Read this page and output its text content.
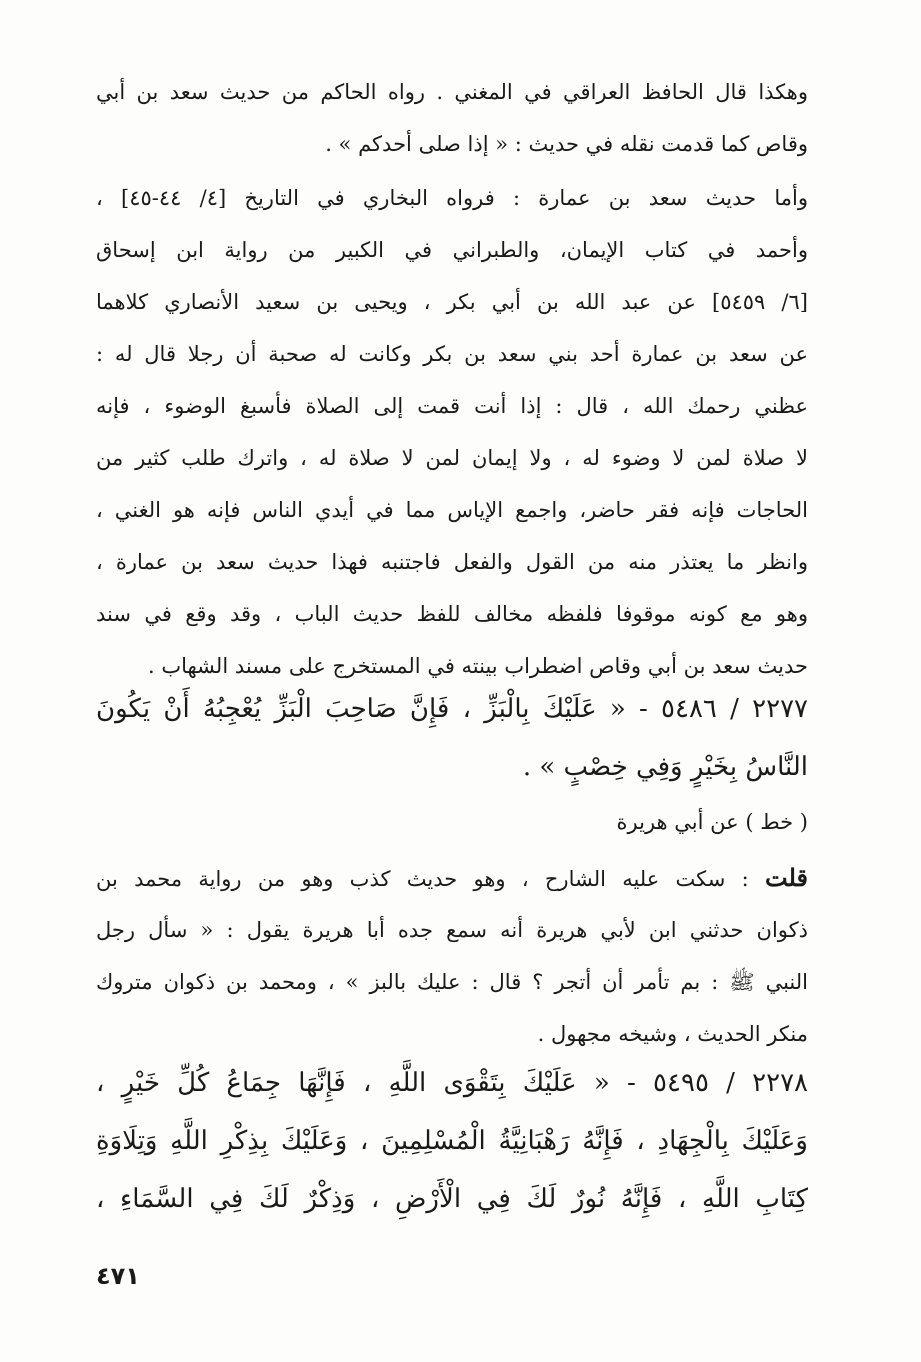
وهكذا قال الحافظ العراقي في المغني . رواه الحاكم من حديث سعد بن أبي
وقاص كما قدمت نقله في حديث : « إذا صلى أحدكم » .
وأما حديث سعد بن عمارة : فرواه البخاري في التاريخ [٤/ ٤٤-٤٥] ،
وأحمد في كتاب الإيمان، والطبراني في الكبير من رواية ابن إسحاق
[٦/ ٥٤٥٩] عن عبد الله بن أبي بكر ، ويحيى بن سعيد الأنصاري كلاهما
عن سعد بن عمارة أحد بني سعد بن بكر وكانت له صحبة أن رجلا قال له :
عظني رحمك الله ، قال : إذا أنت قمت إلى الصلاة فأسبغ الوضوء ، فإنه
لا صلاة لمن لا وضوء له ، ولا إيمان لمن لا صلاة له ، واترك طلب كثير من
الحاجات فإنه فقر حاضر، واجمع الإياس مما في أيدي الناس فإنه هو الغني ،
وانظر ما يعتذر منه من القول والفعل فاجتنبه فهذا حديث سعد بن عمارة ،
وهو مع كونه موقوفا فلفظه مخالف للفظ حديث الباب ، وقد وقع في سند
حديث سعد بن أبي وقاص اضطراب بينته في المستخرج على مسند الشهاب .
٢٢٧٧ / ٥٤٨٦ - « عَلَيْكَ بِالْبَزِّ ، فَإِنَّ صَاحِبَ الْبَزِّ يُعْجِبُهُ أَنْ يَكُونَ
النَّاسُ بِخَيْرٍ وَفِي خِصْبٍ » .
( خط ) عن أبي هريرة
قلت : سكت عليه الشارح ، وهو حديث كذب وهو من رواية محمد بن
ذكوان حدثني ابن لأبي هريرة أنه سمع جده أبا هريرة يقول : « سأل رجل
النبي ﷺ : بم تأمر أن أتجر ؟ قال : عليك بالبز » ، ومحمد بن ذكوان متروك
منكر الحديث ، وشيخه مجهول .
٢٢٧٨ / ٥٤٩٥ - « عَلَيْكَ بِتَقْوَى اللَّهِ ، فَإِنَّهَا جِمَاعُ كُلِّ خَيْرٍ ،
وَعَلَيْكَ بِالْجِهَادِ ، فَإِنَّهُ رَهْبَانِيَّةُ الْمُسْلِمِينَ ، وَعَلَيْكَ بِذِكْرِ اللَّهِ وَتِلَاوَةِ
كِتَابِ اللَّهِ ، فَإِنَّهُ نُورٌ لَكَ فِي الْأَرْضِ ، وَذِكْرٌ لَكَ فِي السَّمَاءِ ،
٤٧١
